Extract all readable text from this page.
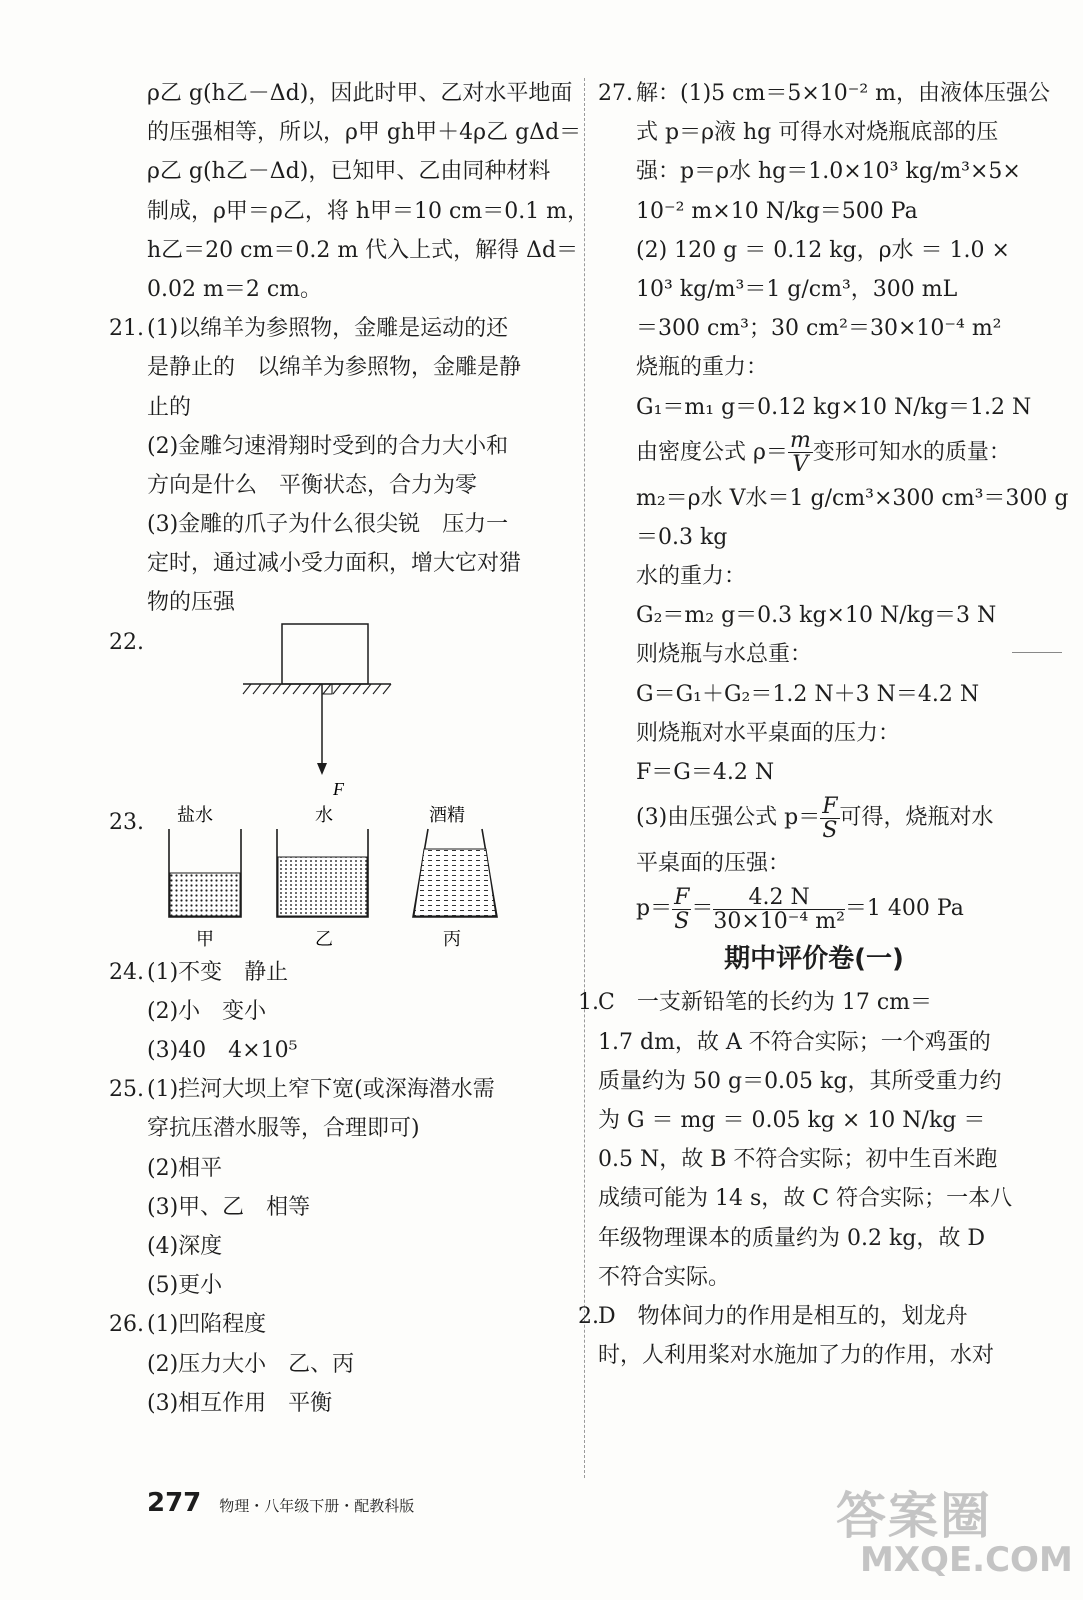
ρ乙 g(h乙－Δd)，因此时甲、乙对水平地面
的压强相等，所以，ρ甲 gh甲＋4ρ乙 gΔd＝
ρ乙 g(h乙－Δd)，已知甲、乙由同种材料
制成，ρ甲＝ρ乙，将 h甲＝10 cm＝0.1 m，
h乙＝20 cm＝0.2 m 代入上式，解得 Δd＝
0.02 m＝2 cm。
21. (1)以绵羊为参照物，金雕是运动的还
是静止的　以绵羊为参照物，金雕是静
止的
(2)金雕匀速滑翔时受到的合力大小和
方向是什么　平衡状态，合力为零
(3)金雕的爪子为什么很尖锐　压力一
定时，通过减小受力面积，增大它对猎
物的压强
22.
F
23. 盐水
甲
水
乙
酒精
丙
24. (1)不变　静止
(2)小　变小
(3)40　4×10⁵
25. (1)拦河大坝上窄下宽(或深海潜水需
穿抗压潜水服等，合理即可)
(2)相平
(3)甲、乙　相等
(4)深度
(5)更小
26. (1)凹陷程度
(2)压力大小　乙、丙
(3)相互作用　平衡
27. 解：(1)5 cm＝5×10⁻² m，由液体压强公
式 p＝ρ液 hg 可得水对烧瓶底部的压
强：p＝ρ水 hg＝1.0×10³ kg/m³×5×
10⁻² m×10 N/kg＝500 Pa
(2) 120 g ＝ 0.12 kg，ρ水 ＝ 1.0 ×
10³ kg/m³＝1 g/cm³，300 mL
＝300 cm³；30 cm²＝30×10⁻⁴ m²
烧瓶的重力：
G₁＝m₁ g＝0.12 kg×10 N/kg＝1.2 N
由密度公式 $\rho= \frac{m}{V}$ 变形可知水的质量：
m₂＝ρ水 V水＝1 g/cm³×300 cm³＝300 g
＝0.3 kg
水的重力：
G₂＝m₂ g＝0.3 kg×10 N/kg＝3 N
则烧瓶与水总重：
G＝G₁＋G₂＝1.2 N＋3 N＝4.2 N
则烧瓶对水平桌面的压力：
F＝G＝4.2 N
(3)由压强公式 $p= \frac{F}{S}$ 可得，烧瓶对水
平桌面的压强：
$p= \frac{F}{S} = \frac{4.2 N}{\text{30×10⁻⁴ m²}} =1$ 400 Pa
期中评价卷(一)
1.C　一支新铅笔的长约为 17 cm＝
1.7 dm，故 A 不符合实际；一个鸡蛋的
质量约为 50 g＝0.05 kg，其所受重力约
为 G ＝ mg ＝ 0.05 kg × 10 N/kg ＝
0.5 N，故 B 不符合实际；初中生百米跑
成绩可能为 14 s，故 C 符合实际；一本八
年级物理课本的质量约为 0.2 kg，故 D
不符合实际。
2.D　物体间力的作用是相互的，划龙舟
时，人利用桨对水施加了力的作用，水对
277 物理・八年级下册・配教科版	答案圈
MXQE.COM
